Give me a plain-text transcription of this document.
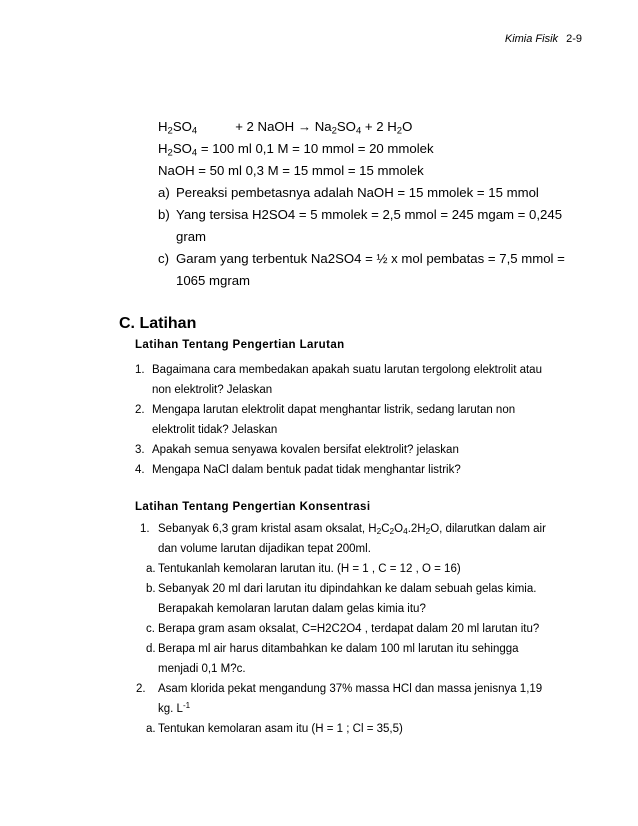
Kimia Fisik 2-9
$H_2SO_4$	+ 2 NaOH → $Na_2SO_4 + 2$ $H_2O$
$H_2SO_4 = 100$ ml 0,1 M = 10 mmol = 20 mmolek
NaOH = 50 ml 0,3 M = 15 mmol = 15 mmolek
a) Pereaksi pembetasnya adalah NaOH = 15 mmolek = 15 mmol
b) Yang tersisa H2SO4 = 5 mmolek = 2,5 mmol = 245 mgam = 0,245
gram
c) Garam yang terbentuk Na2SO4 = ½ x mol pembatas = 7,5 mmol =
1065 mgram
C. Latihan
Latihan Tentang Pengertian Larutan
1. Bagaimana cara membedakan apakah suatu larutan tergolong elektrolit atau
non elektrolit? Jelaskan
2. Mengapa larutan elektrolit dapat menghantar listrik, sedang larutan non
elektrolit tidak? Jelaskan
3. Apakah semua senyawa kovalen bersifat elektrolit? jelaskan
4. Mengapa NaCl dalam bentuk padat tidak menghantar listrik?
Latihan Tentang Pengertian Konsentrasi
1. Sebanyak 6,3 gram kristal asam oksalat, $H_2C_2O_4.2H_2O$, dilarutkan dalam air
dan volume larutan dijadikan tepat 200ml.
a. Tentukanlah kemolaran larutan itu. (H = 1 , C = 12 , O = 16)
b. Sebanyak 20 ml dari larutan itu dipindahkan ke dalam sebuah gelas kimia.
Berapakah kemolaran larutan dalam gelas kimia itu?
c. Berapa gram asam oksalat, C=H2C2O4 , terdapat dalam 20 ml larutan itu?
d. Berapa ml air harus ditambahkan ke dalam 100 ml larutan itu sehingga
menjadi 0,1 M?c.
2. Asam klorida pekat mengandung 37% massa HCl dan massa jenisnya 1,19
kg. $L^{-1}$
a. Tentukan kemolaran asam itu (H = 1 ; Cl = 35,5)
